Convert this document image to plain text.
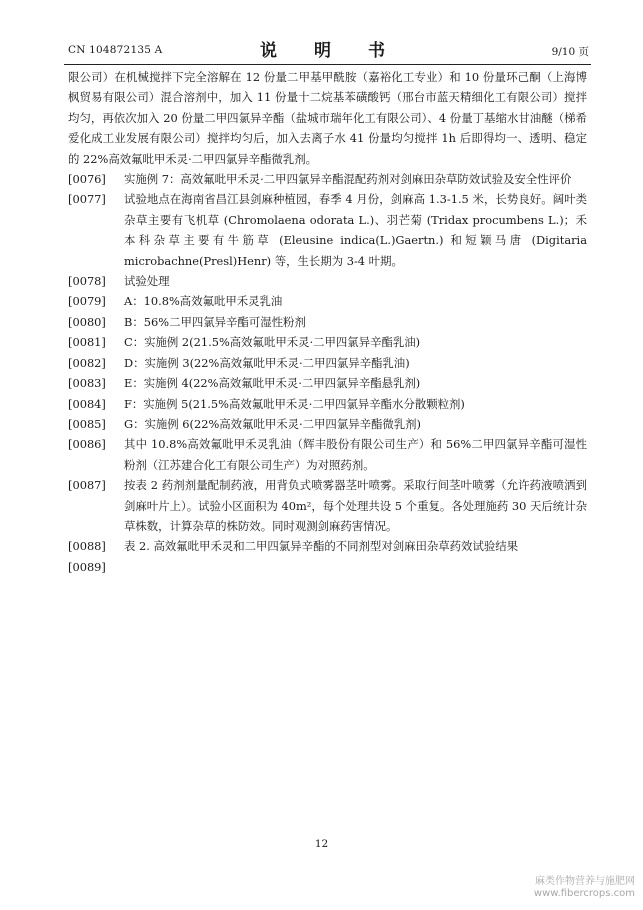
CN 104872135 A	说　明　书	9/10 页
限公司）在机械搅拌下完全溶解在 12 份量二甲基甲酰胺（嘉裕化工专业）和 10 份量环己酮（上海博枫贸易有限公司）混合溶剂中，加入 11 份量十二烷基苯磺酸钙（邢台市蓝天精细化工有限公司）搅拌均匀，再依次加入 20 份量二甲四氯异辛酯（盐城市瑞年化工有限公司）、4 份量丁基缩水甘油醚（梯希爱化成工业发展有限公司）搅拌均匀后，加入去离子水 41 份量均匀搅拌 1h 后即得均一、透明、稳定的 22%高效氟吡甲禾灵·二甲四氯异辛酯微乳剂。
[0076]	实施例 7：高效氟吡甲禾灵·二甲四氯异辛酯混配药剂对剑麻田杂草防效试验及安全性评价
[0077]	试验地点在海南省昌江县剑麻种植园，春季 4 月份，剑麻高 1.3-1.5 米，长势良好。阔叶类杂草主要有飞机草 (Chromolaena odorata L.)、羽芒菊 (Tridax procumbens L.)；禾本科杂草主要有牛筋草 (Eleusine indica(L.)Gaertn.) 和短颖马唐 (Digitaria microbachne(Presl)Henr) 等，生长期为 3-4 叶期。
[0078]	试验处理
[0079]	A：10.8%高效氟吡甲禾灵乳油
[0080]	B：56%二甲四氯异辛酯可湿性粉剂
[0081]	C：实施例 2(21.5%高效氟吡甲禾灵·二甲四氯异辛酯乳油)
[0082]	D：实施例 3(22%高效氟吡甲禾灵·二甲四氯异辛酯乳油)
[0083]	E：实施例 4(22%高效氟吡甲禾灵·二甲四氯异辛酯悬乳剂)
[0084]	F：实施例 5(21.5%高效氟吡甲禾灵·二甲四氯异辛酯水分散颗粒剂)
[0085]	G：实施例 6(22%高效氟吡甲禾灵·二甲四氯异辛酯微乳剂)
[0086]	其中 10.8%高效氟吡甲禾灵乳油（辉丰股份有限公司生产）和 56%二甲四氯异辛酯可湿性粉剂（江苏建合化工有限公司生产）为对照药剂。
[0087]	按表 2 药剂剂量配制药液，用背负式喷雾器茎叶喷雾。采取行间茎叶喷雾（允许药液喷洒到剑麻叶片上）。试验小区面积为 40m²，每个处理共设 5 个重复。各处理施药 30 天后统计杂草株数，计算杂草的株防效。同时观测剑麻药害情况。
[0088]	表 2. 高效氟吡甲禾灵和二甲四氯异辛酯的不同剂型对剑麻田杂草药效试验结果
[0089]
12
麻类作物营养与施肥网
www.fibercrops.com
